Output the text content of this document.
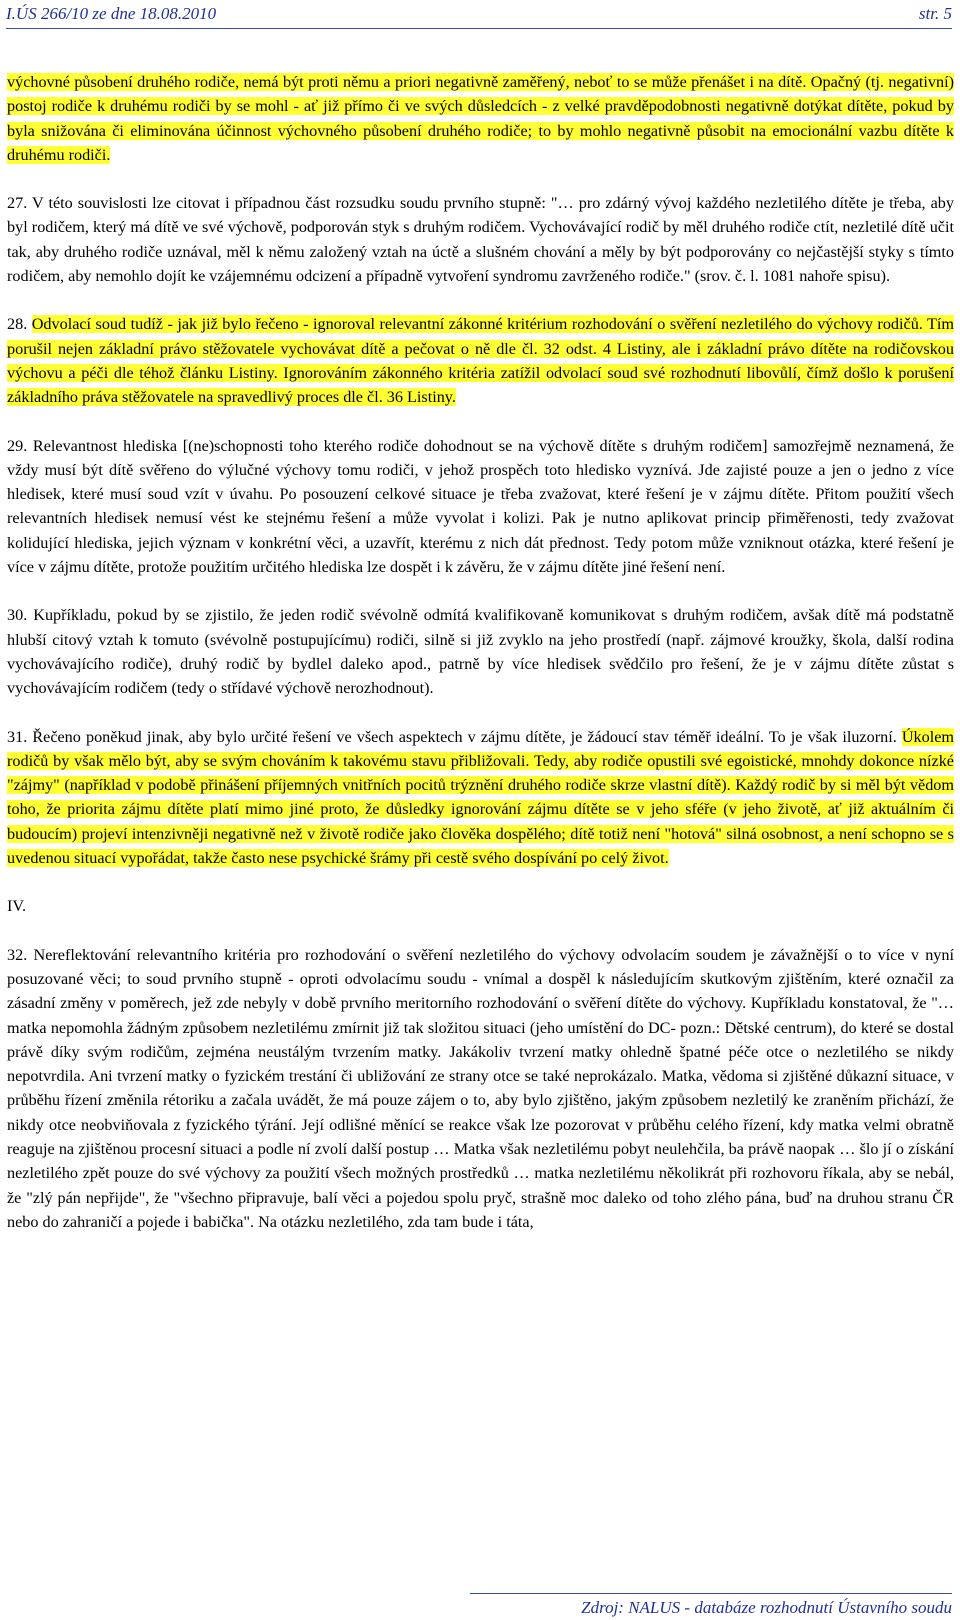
I.ÚS 266/10 ze dne 18.08.2010	str. 5

výchovné působení druhého rodiče, nemá být proti němu a priori negativně zaměřený, neboť to se může přenášet i na dítě. Opačný (tj. negativní) postoj rodiče k druhému rodiči by se mohl - ať již přímo či ve svých důsledcích - z velké pravděpodobnosti negativně dotýkat dítěte, pokud by byla snižována či eliminována účinnost výchovného působení druhého rodiče; to by mohlo negativně působit na emocionální vazbu dítěte k druhému rodiči.

27. V této souvislosti lze citovat i případnou část rozsudku soudu prvního stupně: "… pro zdárný vývoj každého nezletilého dítěte je třeba, aby byl rodičem, který má dítě ve své výchově, podporován styk s druhým rodičem. Vychovávající rodič by měl druhého rodiče ctít, nezletilé dítě učit tak, aby druhého rodiče uznával, měl k němu založený vztah na úctě a slušném chování a měly by být podporovány co nejčastější styky s tímto rodičem, aby nemohlo dojít ke vzájemnému odcizení a případně vytvoření syndromu zavrženého rodiče." (srov. č. l. 1081 nahoře spisu).

28. Odvolací soud tudíž - jak již bylo řečeno - ignoroval relevantní zákonné kritérium rozhodování o svěření nezletilého do výchovy rodičů. Tím porušil nejen základní právo stěžovatele vychovávat dítě a pečovat o ně dle čl. 32 odst. 4 Listiny, ale i základní právo dítěte na rodičovskou výchovu a péči dle téhož článku Listiny. Ignorováním zákonného kritéria zatížil odvolací soud své rozhodnutí libovůlí, čímž došlo k porušení základního práva stěžovatele na spravedlivý proces dle čl. 36 Listiny.

29. Relevantnost hlediska [(ne)schopnosti toho kterého rodiče dohodnout se na výchově dítěte s druhým rodičem] samozřejmě neznamená, že vždy musí být dítě svěřeno do výlučné výchovy tomu rodiči, v jehož prospěch toto hledisko vyznívá. Jde zajisté pouze a jen o jedno z více hledisek, které musí soud vzít v úvahu. Po posouzení celkové situace je třeba zvažovat, které řešení je v zájmu dítěte. Přitom použití všech relevantních hledisek nemusí vést ke stejnému řešení a může vyvolat i kolizi. Pak je nutno aplikovat princip přiměřenosti, tedy zvažovat kolidující hlediska, jejich význam v konkrétní věci, a uzavřít, kterému z nich dát přednost. Tedy potom může vzniknout otázka, které řešení je více v zájmu dítěte, protože použitím určitého hlediska lze dospět i k závěru, že v zájmu dítěte jiné řešení není.

30. Kupříkladu, pokud by se zjistilo, že jeden rodič svévolně odmítá kvalifikovaně komunikovat s druhým rodičem, avšak dítě má podstatně hlubší citový vztah k tomuto (svévolně postupujícímu) rodiči, silně si již zvyklo na jeho prostředí (např. zájmové kroužky, škola, další rodina vychovávajícího rodiče), druhý rodič by bydlel daleko apod., patrně by více hledisek svědčilo pro řešení, že je v zájmu dítěte zůstat s vychovávajícím rodičem (tedy o střídavé výchově nerozhodnout).

31. Řečeno poněkud jinak, aby bylo určité řešení ve všech aspektech v zájmu dítěte, je žádoucí stav téměř ideální. To je však iluzorní. Úkolem rodičů by však mělo být, aby se svým chováním k takovému stavu přibližovali. Tedy, aby rodiče opustili své egoistické, mnohdy dokonce nízké "zájmy" (například v podobě přinášení příjemných vnitřních pocitů trýznění druhého rodiče skrze vlastní dítě). Každý rodič by si měl být vědom toho, že priorita zájmu dítěte platí mimo jiné proto, že důsledky ignorování zájmu dítěte se v jeho sféře (v jeho životě, ať již aktuálním či budoucím) projeví intenzivněji negativně než v životě rodiče jako člověka dospělého; dítě totiž není "hotová" silná osobnost, a není schopno se s uvedenou situací vypořádat, takže často nese psychické šrámy při cestě svého dospívání po celý život.

IV.

32. Nereflektování relevantního kritéria pro rozhodování o svěření nezletilého do výchovy odvolacím soudem je závažnější o to více v nyní posuzované věci; to soud prvního stupně - oproti odvolacímu soudu - vnímal a dospěl k následujícím skutkovým zjištěním, které označil za zásadní změny v poměrech, jež zde nebyly v době prvního meritorního rozhodování o svěření dítěte do výchovy. Kupříkladu konstatoval, že "… matka nepomohla žádným způsobem nezletilému zmírnit již tak složitou situaci (jeho umístění do DC- pozn.: Dětské centrum), do které se dostal právě díky svým rodičům, zejména neustálým tvrzením matky. Jakákoliv tvrzení matky ohledně špatné péče otce o nezletilého se nikdy nepotvrdila. Ani tvrzení matky o fyzickém trestání či ubližování ze strany otce se také neprokázalo. Matka, vědoma si zjištěné důkazní situace, v průběhu řízení změnila rétoriku a začala uvádět, že má pouze zájem o to, aby bylo zjištěno, jakým způsobem nezletilý ke zraněním přichází, že nikdy otce neobviňovala z fyzického týrání. Její odlišné měnící se reakce však lze pozorovat v průběhu celého řízení, kdy matka velmi obratně reaguje na zjištěnou procesní situaci a podle ní zvolí další postup … Matka však nezletilému pobyt neulehčila, ba právě naopak … šlo jí o získání nezletilého zpět pouze do své výchovy za použití všech možných prostředků … matka nezletilému několikrát při rozhovoru říkala, aby se nebál, že "zlý pán nepřijde", že "všechno připravuje, balí věci a pojedou spolu pryč, strašně moc daleko od toho zlého pána, buď na druhou stranu ČR nebo do zahraničí a pojede i babička". Na otázku nezletilého, zda tam bude i táta,

Zdroj: NALUS - databáze rozhodnutí Ústavního soudu
